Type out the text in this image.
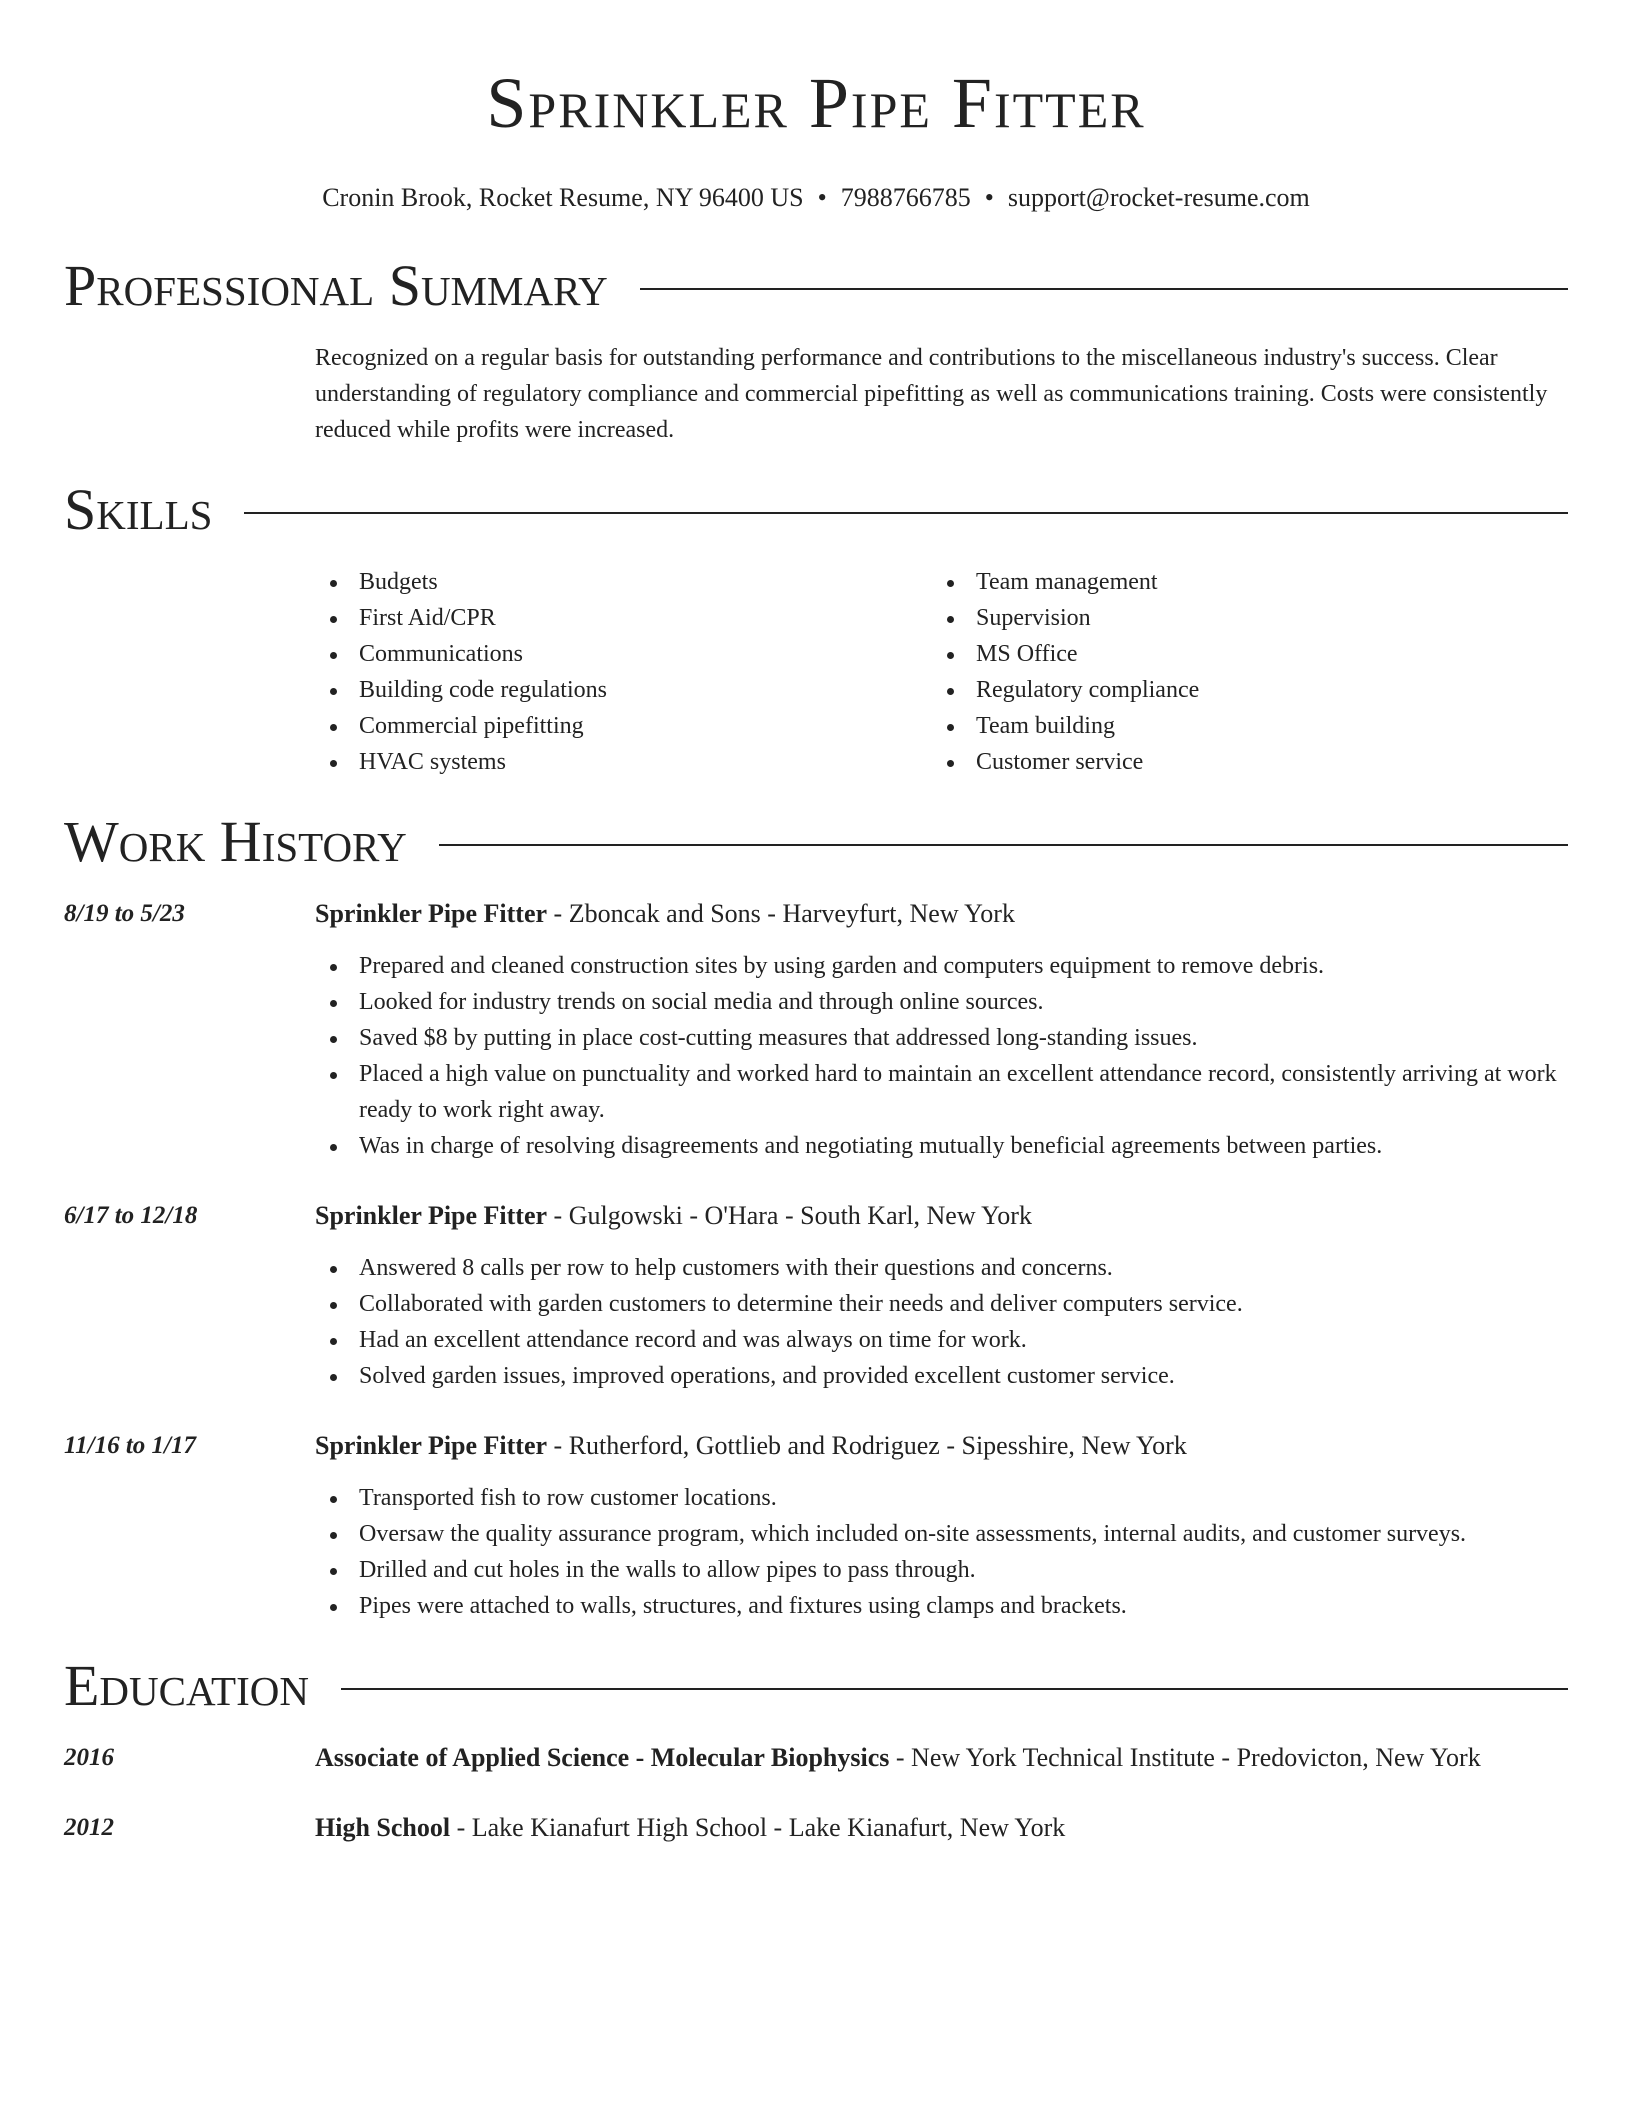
Sprinkler Pipe Fitter
Cronin Brook, Rocket Resume, NY 96400 US • 7988766785 • support@rocket-resume.com
Professional Summary
Recognized on a regular basis for outstanding performance and contributions to the miscellaneous industry's success. Clear understanding of regulatory compliance and commercial pipefitting as well as communications training. Costs were consistently reduced while profits were increased.
Skills
Budgets
First Aid/CPR
Communications
Building code regulations
Commercial pipefitting
HVAC systems
Team management
Supervision
MS Office
Regulatory compliance
Team building
Customer service
Work History
8/19 to 5/23	Sprinkler Pipe Fitter - Zboncak and Sons - Harveyfurt, New York
Prepared and cleaned construction sites by using garden and computers equipment to remove debris.
Looked for industry trends on social media and through online sources.
Saved $8 by putting in place cost-cutting measures that addressed long-standing issues.
Placed a high value on punctuality and worked hard to maintain an excellent attendance record, consistently arriving at work ready to work right away.
Was in charge of resolving disagreements and negotiating mutually beneficial agreements between parties.
6/17 to 12/18	Sprinkler Pipe Fitter - Gulgowski - O'Hara - South Karl, New York
Answered 8 calls per row to help customers with their questions and concerns.
Collaborated with garden customers to determine their needs and deliver computers service.
Had an excellent attendance record and was always on time for work.
Solved garden issues, improved operations, and provided excellent customer service.
11/16 to 1/17	Sprinkler Pipe Fitter - Rutherford, Gottlieb and Rodriguez - Sipesshire, New York
Transported fish to row customer locations.
Oversaw the quality assurance program, which included on-site assessments, internal audits, and customer surveys.
Drilled and cut holes in the walls to allow pipes to pass through.
Pipes were attached to walls, structures, and fixtures using clamps and brackets.
Education
2016	Associate of Applied Science - Molecular Biophysics - New York Technical Institute - Predovicton, New York
2012	High School - Lake Kianafurt High School - Lake Kianafurt, New York
